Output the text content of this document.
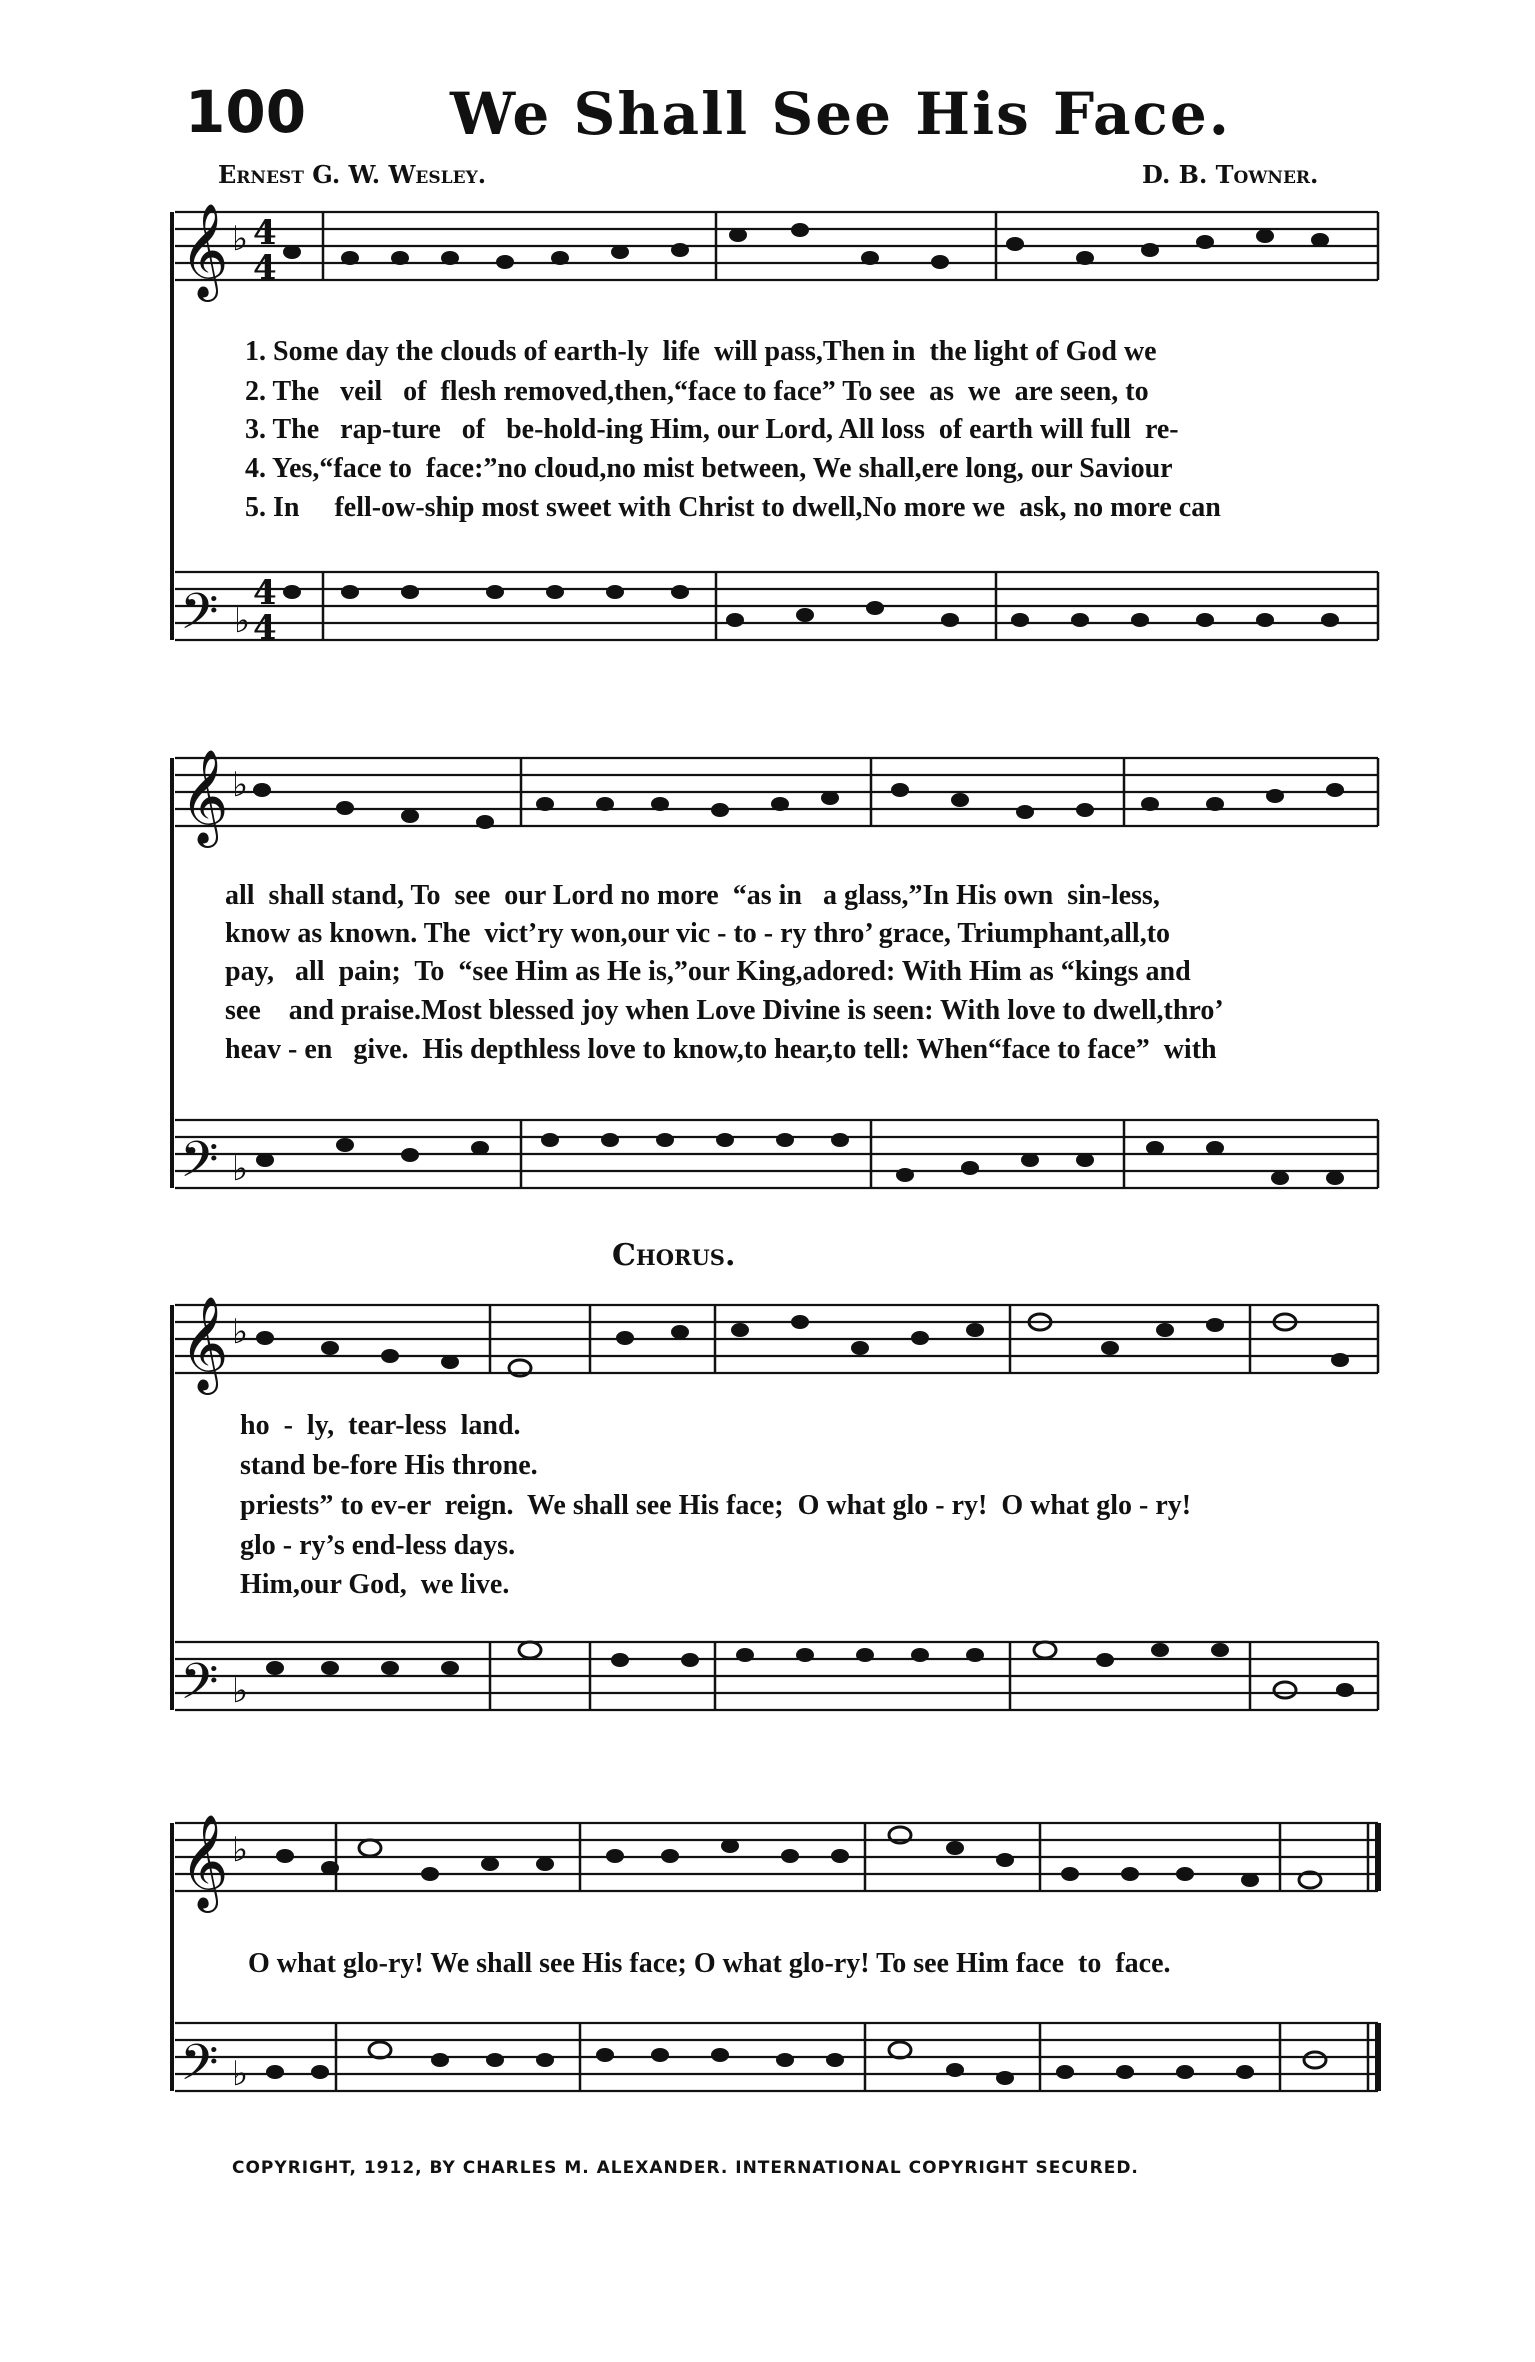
100 We Shall See His Face.
Ernest G. W. Wesley.	D. B. Towner.
𝄞
𝄢
𝄞
𝄢
𝄞
𝄢
𝄞
𝄢
♭
♭
♭
♭
♭
♭
♭
♭
4
4
4
4
1. Some day the clouds of earth-ly  life  will pass,Then in  the light of God we
2. The   veil   of  flesh removed,then,“face to face” To see  as  we  are seen, to
3. The   rap-ture   of   be-hold-ing Him, our Lord, All loss  of earth will full  re-
4. Yes,“face to  face:”no cloud,no mist between, We shall,ere long, our Saviour
5. In     fell-ow-ship most sweet with Christ to dwell,No more we  ask, no more can
all  shall stand, To  see  our Lord no more  “as in   a glass,”In His own  sin-less,
know as known. The  vict’ry won,our vic - to - ry thro’ grace, Triumphant,all,to
pay,   all  pain;  To  “see Him as He is,”our King,adored: With Him as “kings and
see    and praise.Most blessed joy when Love Divine is seen: With love to dwell,thro’
heav - en   give.  His depthless love to know,to hear,to tell: When“face to face”  with
Chorus.
ho  -  ly,  tear-less  land.
stand be-fore His throne.
priests” to ev-er  reign.  We shall see His face;  O what glo - ry!  O what glo - ry!
glo - ry’s end-less days.
Him,our God,  we live.
O what glo-ry! We shall see His face; O what glo-ry! To see Him face  to  face.
COPYRIGHT, 1912, BY CHARLES M. ALEXANDER. INTERNATIONAL COPYRIGHT SECURED.
